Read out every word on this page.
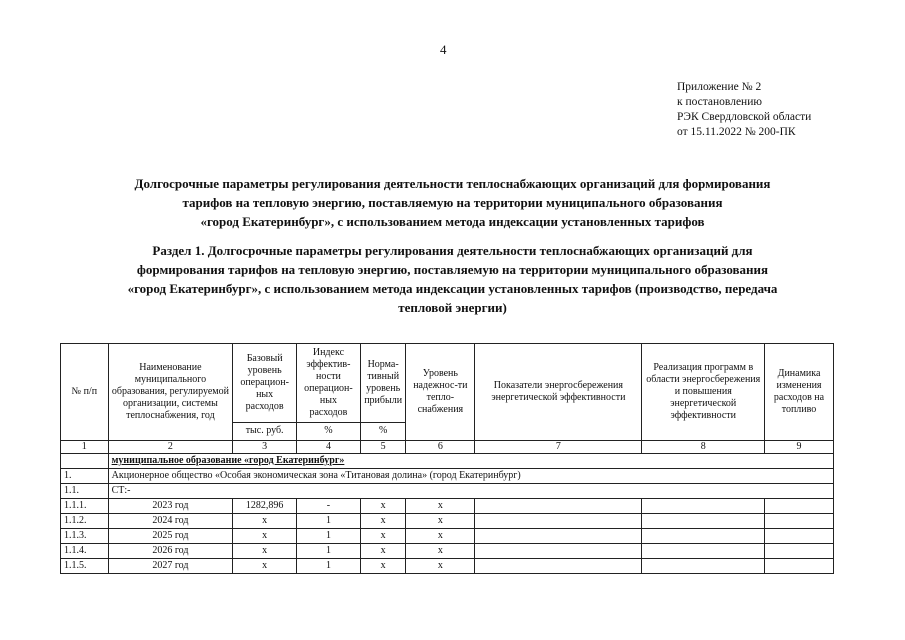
4
Приложение № 2
к постановлению
РЭК Свердловской области
от 15.11.2022 № 200-ПК
Долгосрочные параметры регулирования деятельности теплоснабжающих организаций для формирования
тарифов на тепловую энергию, поставляемую на территории муниципального образования
«город Екатеринбург», с использованием метода индексации установленных тарифов
Раздел 1. Долгосрочные параметры регулирования деятельности теплоснабжающих организаций для
формирования тарифов на тепловую энергию, поставляемую на территории муниципального образования
«город Екатеринбург», с использованием метода индексации установленных тарифов (производство, передача
тепловой энергии)
№ п/п	Наименование муниципального образования, регулируемой организации, системы теплоснабжения, год	Базовый уровень операцион-ных расходов	Индекс эффектив-ности операцион-ных расходов	Норма-тивный уровень прибыли	Уровень надежнос-ти тепло-снабжения	Показатели энергосбережения энергетической эффективности	Реализация программ в области энергосбережения и повышения энергетической эффективности	Динамика изменения расходов на топливо
		тыс. руб.	%	%				
1	2	3	4	5	6	7	8	9
	муниципальное образование «город Екатеринбург»							
1.	Акционерное общество «Особая экономическая зона «Титановая долина» (город Екатеринбург)							
1.1.	СТ:-							
1.1.1.	2023 год	1282,896	-	х	х			
1.1.2.	2024 год	х	1	х	х			
1.1.3.	2025 год	х	1	х	х			
1.1.4.	2026 год	х	1	х	х			
1.1.5.	2027 год	х	1	х	х			
